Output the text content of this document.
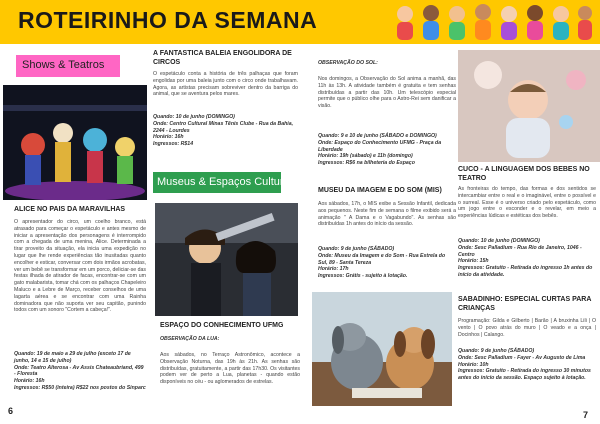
ROTEIRINHO DA SEMANA
Shows & Teatros
Museus & Espaços Culturais
ALICE NO PAIS DA MARAVILHAS
O apresentador do circo, um coelho branco, está atrasado para começar o espetáculo e antes mesmo de iniciar a apresentação dos personagens é interrompido com a chegada de uma menina, Alice. Determinada a tirar proveito da situação, ela inicia uma expedição no lugar que lhe rende experiências tão inusitadas quanto encolher e esticar, conversar com dois irmãos acrobatas, ver um bebê se transformar em um porco, deliciar-se das festas ilhada de atirador de facas, encontrar-se com um gato malabarista, tomar chá com os palhaços Chapeleiro Maluco e a Lebre de Março, receber conselhos de uma lagarta aérea e se encontrar com uma Rainha dominadora que não suporta ver seu capitão, punindo todos com um sonoro "Cortem a cabeça!".
Quando: 19 de maio a 29 de julho (exceto 17 de junho, 14 e 15 de julho)
Onde: Teatro Alterosa - Av Assis Chateaubriand, 499 - Floresta
Horário: 16h
Ingressos: R$50 (inteira) R$22 nos postos do Sinparc
A FANTASTICA BALEIA ENGOLIDORA DE CIRCOS
O espetáculo conta a história de três palhaças que foram engolidas por uma baleia junto com o circo onde trabalhavam. Agora, as artistas precisam sobreviver dentro da barriga do animal, que se aventura pelos mares.
Quando: 10 de junho (DOMINGO)
Onde: Centro Cultural Minas Tênis Clube - Rua da Bahia, 2244 - Lourdes
Horário: 16h
Ingressos: R$14
ESPAÇO DO CONHECIMENTO UFMG
OBSERVAÇÃO DA LUA:
Aos sábados, no Terraço Astronômico, acontece a Observação Noturna, das 19h às 21h. As senhas são distribuídas, gratuitamente, a partir das 17h30. Os visitantes podem ver de perto a Lua, planetas - quando estão disponíveis no céu - ou aglomerados de estrelas.
OBSERVAÇÃO DO SOL:
Nos domingos, a Observação do Sol anima a manhã, das 11h às 13h. A atividade também é gratuita e tem senhas distribuídas a partir das 10h. Um telescópio especial permite que o público olhe para o Astro-Rei sem danificar a visão.
Quando: 9 e 10 de junho (SÁBADO e DOMINGO)
Onde: Espaço do Conhecimento UFMG - Praça da Liberdade
Horário: 19h (sábado) e 11h (domingo)
Ingressos: R$6 na bilheteria do Espaço
MUSEU DA IMAGEM E DO SOM (MIS)
Aos sábados, 17h, o MIS exibe a Sessão Infantil, dedicada aos pequenos. Neste fim de semana o filme exibido será a animação " A Dama e o Vagabundo". As senhas são distribuídas 1h antes do início da sessão.
Quando: 9 de junho (SÁBADO)
Onde: Museu da Imagem e do Som - Rua Estrela do Sul, 89 - Santa Tereza
Horário: 17h
Ingressos: Grátis - sujeito à lotação.
CUCO - A LINGUAGEM DOS BEBES NO TEATRO
As fronteiras do tempo, das formas e dos sentidos se intercambiar entre o real e o imaginável, entre o possível e o surreal. Esse é o universo criado pelo espetáculo, como um jogo entre o esconder e o revelar, em meio a experiências lúdicas e estéticas dos bebês.
Quando: 10 de junho (DOMINGO)
Onde: Sesc Palladium - Rua Rio de Janeiro, 1046 - Centro
Horário: 15h
Ingressos: Gratuito - Retirada do ingresso 1h antes do início da atividade.
SABADINHO: ESPECIAL CURTAS PARA CRIANÇAS
Programação: Gilda e Gilberto | Barão | A bruxinha Lili | O vento | O povo atrás do muro | O veado e a onça | Docinhos | Calango.
Quando: 9 de junho (SÁBADO)
Onde: Sesc Palladium - Fayer - Av Augusto de Lima
Horário: 10h
Ingressos: Gratuito - Retirada do ingresso 30 minutos antes do início da sessão. Espaço sujeito à lotação.
6	7
